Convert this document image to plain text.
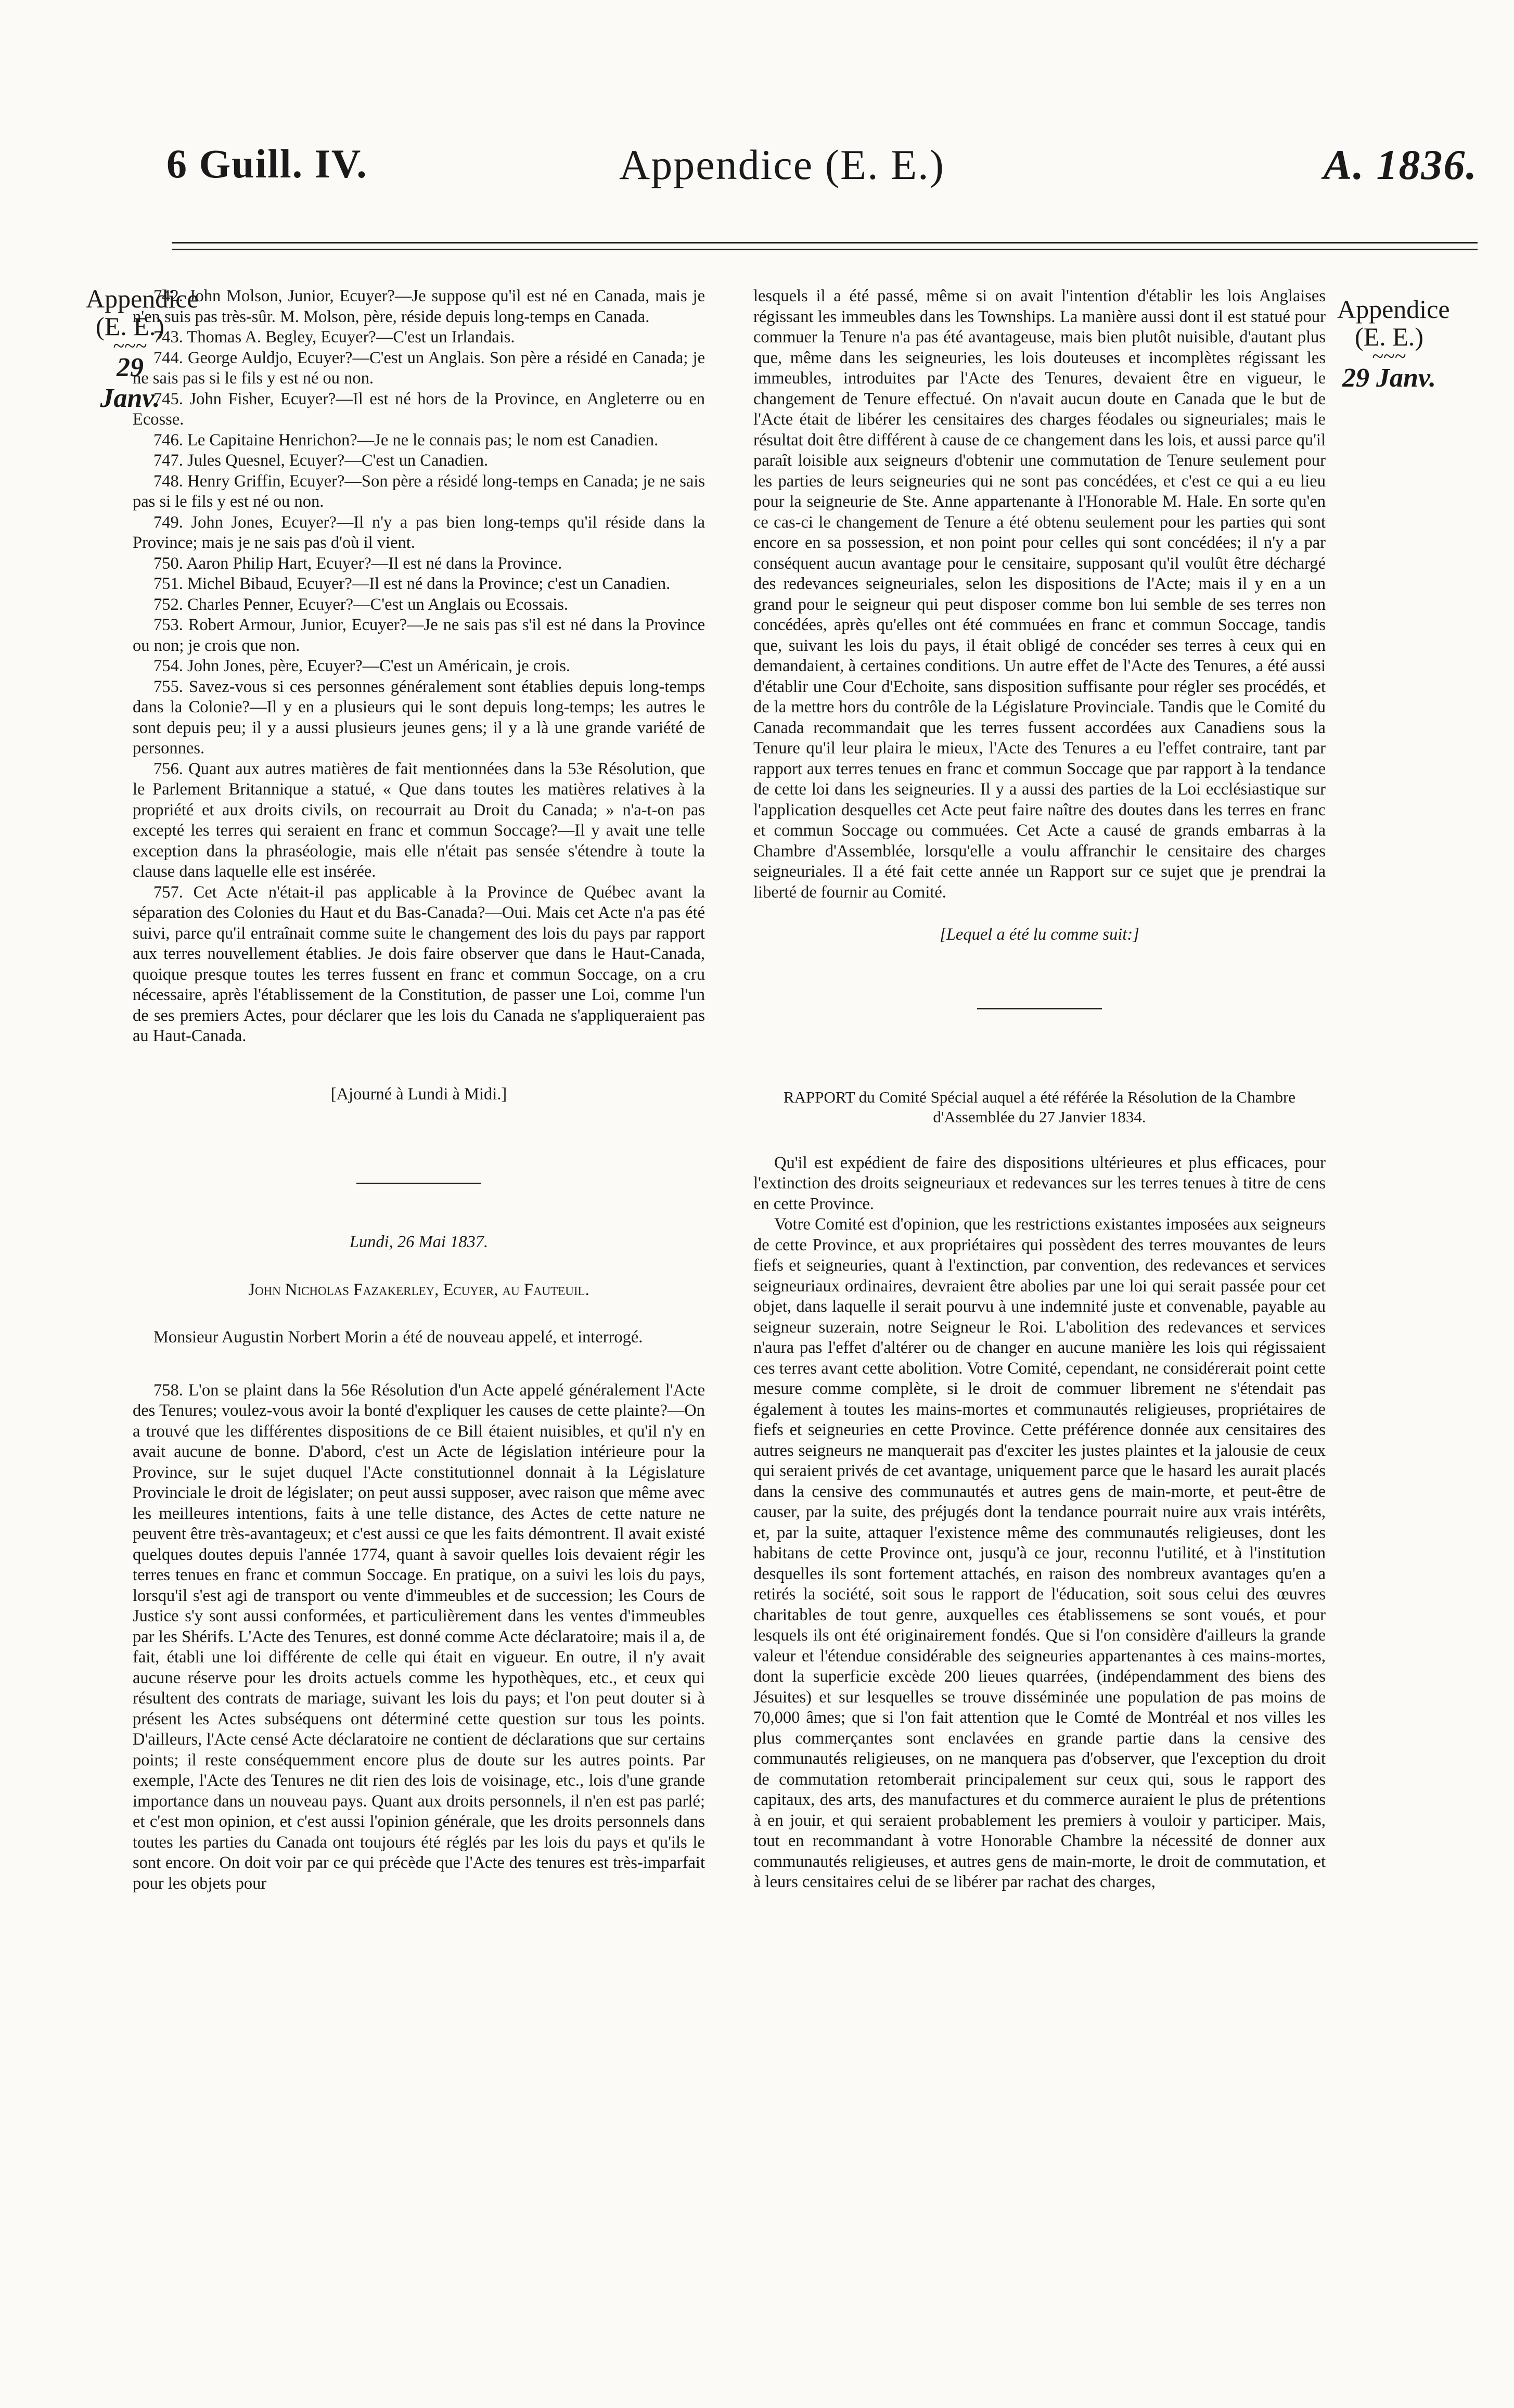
6 Guill. IV.	Appendice (E. E.)	A. 1836.
Appendice
(E. E.)
~~~
29 Janv.
Appendice
(E. E.)
~~~
29 Janv.

742. John Molson, Junior, Ecuyer?—Je suppose qu'il est né en Canada, mais je n'en suis pas très-sûr. M. Molson, père, réside depuis long-temps en Canada.

743. Thomas A. Begley, Ecuyer?—C'est un Irlandais.

744. George Auldjo, Ecuyer?—C'est un Anglais. Son père a résidé en Canada; je ne sais pas si le fils y est né ou non.

745. John Fisher, Ecuyer?—Il est né hors de la Province, en Angleterre ou en Ecosse.

746. Le Capitaine Henrichon?—Je ne le connais pas; le nom est Canadien.

747. Jules Quesnel, Ecuyer?—C'est un Canadien.

748. Henry Griffin, Ecuyer?—Son père a résidé long-temps en Canada; je ne sais pas si le fils y est né ou non.

749. John Jones, Ecuyer?—Il n'y a pas bien long-temps qu'il réside dans la Province; mais je ne sais pas d'où il vient.

750. Aaron Philip Hart, Ecuyer?—Il est né dans la Province.

751. Michel Bibaud, Ecuyer?—Il est né dans la Province; c'est un Canadien.

752. Charles Penner, Ecuyer?—C'est un Anglais ou Ecossais.

753. Robert Armour, Junior, Ecuyer?—Je ne sais pas s'il est né dans la Province ou non; je crois que non.

754. John Jones, père, Ecuyer?—C'est un Américain, je crois.

755. Savez-vous si ces personnes généralement sont établies depuis long-temps dans la Colonie?—Il y en a plusieurs qui le sont depuis long-temps; les autres le sont depuis peu; il y a aussi plusieurs jeunes gens; il y a là une grande variété de personnes.

756. Quant aux autres matières de fait mentionnées dans la 53e Résolution, que le Parlement Britannique a statué, « Que dans toutes les matières relatives à la propriété et aux droits civils, on recourrait au Droit du Canada; » n'a-t-on pas excepté les terres qui seraient en franc et commun Soccage?—Il y avait une telle exception dans la phraséologie, mais elle n'était pas sensée s'étendre à toute la clause dans laquelle elle est insérée.

757. Cet Acte n'était-il pas applicable à la Province de Québec avant la séparation des Colonies du Haut et du Bas-Canada?—Oui. Mais cet Acte n'a pas été suivi, parce qu'il entraînait comme suite le changement des lois du pays par rapport aux terres nouvellement établies. Je dois faire observer que dans le Haut-Canada, quoique presque toutes les terres fussent en franc et commun Soccage, on a cru nécessaire, après l'établissement de la Constitution, de passer une Loi, comme l'un de ses premiers Actes, pour déclarer que les lois du Canada ne s'appliqueraient pas au Haut-Canada.

[Ajourné à Lundi à Midi.]

Lundi, 26 Mai 1837.

John Nicholas Fazakerley, Ecuyer, au Fauteuil.

Monsieur Augustin Norbert Morin a été de nouveau appelé, et interrogé.

758. L'on se plaint dans la 56e Résolution d'un Acte appelé généralement l'Acte des Tenures; voulez-vous avoir la bonté d'expliquer les causes de cette plainte?—On a trouvé que les différentes dispositions de ce Bill étaient nuisibles, et qu'il n'y en avait aucune de bonne. D'abord, c'est un Acte de législation intérieure pour la Province, sur le sujet duquel l'Acte constitutionnel donnait à la Législature Provinciale le droit de législater; on peut aussi supposer, avec raison que même avec les meilleures intentions, faits à une telle distance, des Actes de cette nature ne peuvent être très-avantageux; et c'est aussi ce que les faits démontrent. Il avait existé quelques doutes depuis l'année 1774, quant à savoir quelles lois devaient régir les terres tenues en franc et commun Soccage. En pratique, on a suivi les lois du pays, lorsqu'il s'est agi de transport ou vente d'immeubles et de succession; les Cours de Justice s'y sont aussi conformées, et particulièrement dans les ventes d'immeubles par les Shérifs. L'Acte des Tenures, est donné comme Acte déclaratoire; mais il a, de fait, établi une loi différente de celle qui était en vigueur. En outre, il n'y avait aucune réserve pour les droits actuels comme les hypothèques, etc., et ceux qui résultent des contrats de mariage, suivant les lois du pays; et l'on peut douter si à présent les Actes subséquens ont déterminé cette question sur tous les points. D'ailleurs, l'Acte censé Acte déclaratoire ne contient de déclarations que sur certains points; il reste conséquemment encore plus de doute sur les autres points. Par exemple, l'Acte des Tenures ne dit rien des lois de voisinage, etc., lois d'une grande importance dans un nouveau pays. Quant aux droits personnels, il n'en est pas parlé; et c'est mon opinion, et c'est aussi l'opinion générale, que les droits personnels dans toutes les parties du Canada ont toujours été réglés par les lois du pays et qu'ils le sont encore. On doit voir par ce qui précède que l'Acte des tenures est très-imparfait pour les objets pour

lesquels il a été passé, même si on avait l'intention d'établir les lois Anglaises régissant les immeubles dans les Townships. La manière aussi dont il est statué pour commuer la Tenure n'a pas été avantageuse, mais bien plutôt nuisible, d'autant plus que, même dans les seigneuries, les lois douteuses et incomplètes régissant les immeubles, introduites par l'Acte des Tenures, devaient être en vigueur, le changement de Tenure effectué. On n'avait aucun doute en Canada que le but de l'Acte était de libérer les censitaires des charges féodales ou signeuriales; mais le résultat doit être différent à cause de ce changement dans les lois, et aussi parce qu'il paraît loisible aux seigneurs d'obtenir une commutation de Tenure seulement pour les parties de leurs seigneuries qui ne sont pas concédées, et c'est ce qui a eu lieu pour la seigneurie de Ste. Anne appartenante à l'Honorable M. Hale. En sorte qu'en ce cas-ci le changement de Tenure a été obtenu seulement pour les parties qui sont encore en sa possession, et non point pour celles qui sont concédées; il n'y a par conséquent aucun avantage pour le censitaire, supposant qu'il voulût être déchargé des redevances seigneuriales, selon les dispositions de l'Acte; mais il y en a un grand pour le seigneur qui peut disposer comme bon lui semble de ses terres non concédées, après qu'elles ont été commuées en franc et commun Soccage, tandis que, suivant les lois du pays, il était obligé de concéder ses terres à ceux qui en demandaient, à certaines conditions. Un autre effet de l'Acte des Tenures, a été aussi d'établir une Cour d'Echoite, sans disposition suffisante pour régler ses procédés, et de la mettre hors du contrôle de la Législature Provinciale. Tandis que le Comité du Canada recommandait que les terres fussent accordées aux Canadiens sous la Tenure qu'il leur plaira le mieux, l'Acte des Tenures a eu l'effet contraire, tant par rapport aux terres tenues en franc et commun Soccage que par rapport à la tendance de cette loi dans les seigneuries. Il y a aussi des parties de la Loi ecclésiastique sur l'application desquelles cet Acte peut faire naître des doutes dans les terres en franc et commun Soccage ou commuées. Cet Acte a causé de grands embarras à la Chambre d'Assemblée, lorsqu'elle a voulu affranchir le censitaire des charges seigneuriales. Il a été fait cette année un Rapport sur ce sujet que je prendrai la liberté de fournir au Comité.

[Lequel a été lu comme suit:]

RAPPORT du Comité Spécial auquel a été référée la Résolution de la Chambre d'Assemblée du 27 Janvier 1834.

Qu'il est expédient de faire des dispositions ultérieures et plus efficaces, pour l'extinction des droits seigneuriaux et redevances sur les terres tenues à titre de cens en cette Province.

Votre Comité est d'opinion, que les restrictions existantes imposées aux seigneurs de cette Province, et aux propriétaires qui possèdent des terres mouvantes de leurs fiefs et seigneuries, quant à l'extinction, par convention, des redevances et services seigneuriaux ordinaires, devraient être abolies par une loi qui serait passée pour cet objet, dans laquelle il serait pourvu à une indemnité juste et convenable, payable au seigneur suzerain, notre Seigneur le Roi. L'abolition des redevances et services n'aura pas l'effet d'altérer ou de changer en aucune manière les lois qui régissaient ces terres avant cette abolition. Votre Comité, cependant, ne considérerait point cette mesure comme complète, si le droit de commuer librement ne s'étendait pas également à toutes les mains-mortes et communautés religieuses, propriétaires de fiefs et seigneuries en cette Province. Cette préférence donnée aux censitaires des autres seigneurs ne manquerait pas d'exciter les justes plaintes et la jalousie de ceux qui seraient privés de cet avantage, uniquement parce que le hasard les aurait placés dans la censive des communautés et autres gens de main-morte, et peut-être de causer, par la suite, des préjugés dont la tendance pourrait nuire aux vrais intérêts, et, par la suite, attaquer l'existence même des communautés religieuses, dont les habitans de cette Province ont, jusqu'à ce jour, reconnu l'utilité, et à l'institution desquelles ils sont fortement attachés, en raison des nombreux avantages qu'en a retirés la société, soit sous le rapport de l'éducation, soit sous celui des œuvres charitables de tout genre, auxquelles ces établissemens se sont voués, et pour lesquels ils ont été originairement fondés. Que si l'on considère d'ailleurs la grande valeur et l'étendue considérable des seigneuries appartenantes à ces mains-mortes, dont la superficie excède 200 lieues quarrées, (indépendamment des biens des Jésuites) et sur lesquelles se trouve disséminée une population de pas moins de 70,000 âmes; que si l'on fait attention que le Comté de Montréal et nos villes les plus commerçantes sont enclavées en grande partie dans la censive des communautés religieuses, on ne manquera pas d'observer, que l'exception du droit de commutation retomberait principalement sur ceux qui, sous le rapport des capitaux, des arts, des manufactures et du commerce auraient le plus de prétentions à en jouir, et qui seraient probablement les premiers à vouloir y participer. Mais, tout en recommandant à votre Honorable Chambre la nécessité de donner aux communautés religieuses, et autres gens de main-morte, le droit de commutation, et à leurs censitaires celui de se libérer par rachat des charges,
